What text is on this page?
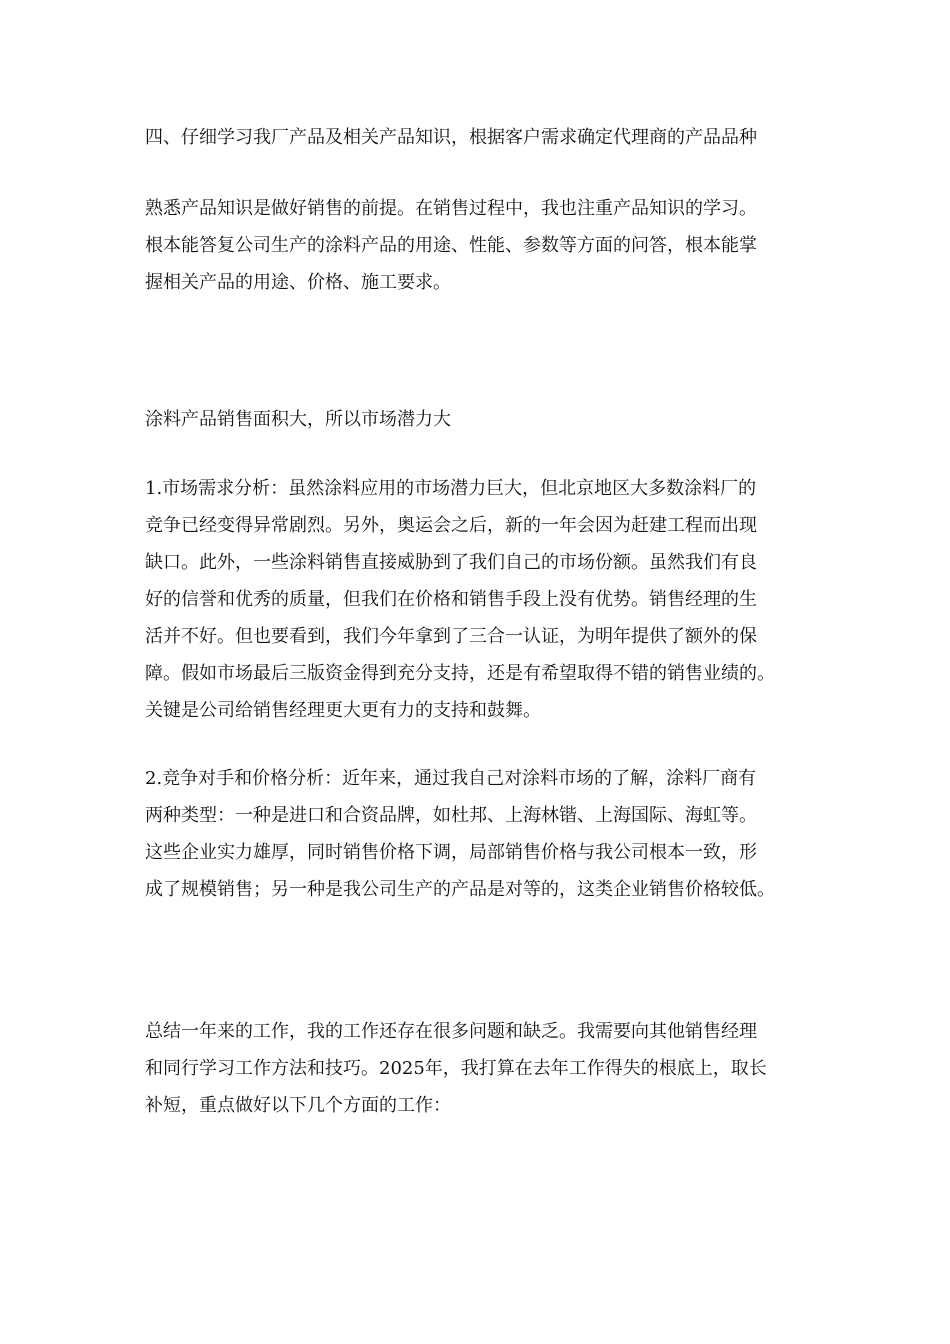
四、仔细学习我厂产品及相关产品知识，根据客户需求确定代理商的产品品种
熟悉产品知识是做好销售的前提。在销售过程中，我也注重产品知识的学习。
根本能答复公司生产的涂料产品的用途、性能、参数等方面的问答，根本能掌
握相关产品的用途、价格、施工要求。
涂料产品销售面积大，所以市场潜力大
1.市场需求分析：虽然涂料应用的市场潜力巨大，但北京地区大多数涂料厂的
竞争已经变得异常剧烈。另外，奥运会之后，新的一年会因为赶建工程而出现
缺口。此外，一些涂料销售直接威胁到了我们自己的市场份额。虽然我们有良
好的信誉和优秀的质量，但我们在价格和销售手段上没有优势。销售经理的生
活并不好。但也要看到，我们今年拿到了三合一认证，为明年提供了额外的保
障。假如市场最后三版资金得到充分支持，还是有希望取得不错的销售业绩的。
关键是公司给销售经理更大更有力的支持和鼓舞。
2.竞争对手和价格分析：近年来，通过我自己对涂料市场的了解，涂料厂商有
两种类型：一种是进口和合资品牌，如杜邦、上海林锴、上海国际、海虹等。
这些企业实力雄厚，同时销售价格下调，局部销售价格与我公司根本一致，形
成了规模销售；另一种是我公司生产的产品是对等的，这类企业销售价格较低。
总结一年来的工作，我的工作还存在很多问题和缺乏。我需要向其他销售经理
和同行学习工作方法和技巧。2025年，我打算在去年工作得失的根底上，取长
补短，重点做好以下几个方面的工作：
